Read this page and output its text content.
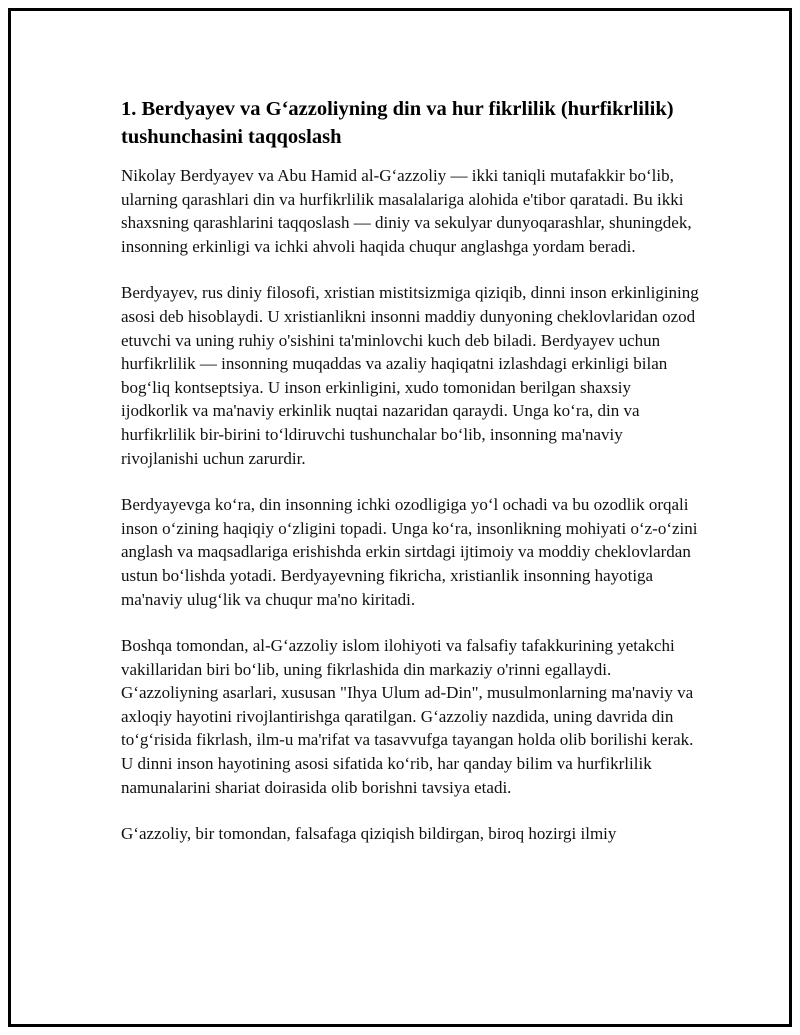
1. Berdyayev va G‘azzoliyning din va hur fikrlilik (hurfikrlilik) tushunchasini taqqoslash

Nikolay Berdyayev va Abu Hamid al-G‘azzoliy — ikki taniqli mutafakkir bo‘lib, ularning qarashlari din va hurfikrlilik masalalariga alohida e'tibor qaratadi. Bu ikki shaxsning qarashlarini taqqoslash — diniy va sekulyar dunyoqarashlar, shuningdek, insonning erkinligi va ichki ahvoli haqida chuqur anglashga yordam beradi.

Berdyayev, rus diniy filosofi, xristian mistitsizmiga qiziqib, dinni inson erkinligining asosi deb hisoblaydi. U xristianlikni insonni maddiy dunyoning cheklovlaridan ozod etuvchi va uning ruhiy o'sishini ta'minlovchi kuch deb biladi. Berdyayev uchun hurfikrlilik — insonning muqaddas va azaliy haqiqatni izlashdagi erkinligi bilan bog‘liq kontseptsiya. U inson erkinligini, xudo tomonidan berilgan shaxsiy ijodkorlik va ma'naviy erkinlik nuqtai nazaridan qaraydi. Unga ko‘ra, din va hurfikrlilik bir-birini to‘ldiruvchi tushunchalar bo‘lib, insonning ma'naviy rivojlanishi uchun zarurdir.

Berdyayevga ko‘ra, din insonning ichki ozodligiga yo‘l ochadi va bu ozodlik orqali inson o‘zining haqiqiy o‘zligini topadi. Unga ko‘ra, insonlikning mohiyati o‘z-o‘zini anglash va maqsadlariga erishishda erkin sirtdagi ijtimoiy va moddiy cheklovlardan ustun bo‘lishda yotadi. Berdyayevning fikricha, xristianlik insonning hayotiga ma'naviy ulug‘lik va chuqur ma'no kiritadi.

Boshqa tomondan, al-G‘azzoliy islom ilohiyoti va falsafiy tafakkurining yetakchi vakillaridan biri bo‘lib, uning fikrlashida din markaziy o'rinni egallaydi. G‘azzoliyning asarlari, xususan "Ihya Ulum ad-Din", musulmonlarning ma'naviy va axloqiy hayotini rivojlantirishga qaratilgan. G‘azzoliy nazdida, uning davrida din to‘g‘risida fikrlash, ilm-u ma'rifat va tasavvufga tayangan holda olib borilishi kerak. U dinni inson hayotining asosi sifatida ko‘rib, har qanday bilim va hurfikrlilik namunalarini shariat doirasida olib borishni tavsiya etadi.

G‘azzoliy, bir tomondan, falsafaga qiziqish bildirgan, biroq hozirgi ilmiy
